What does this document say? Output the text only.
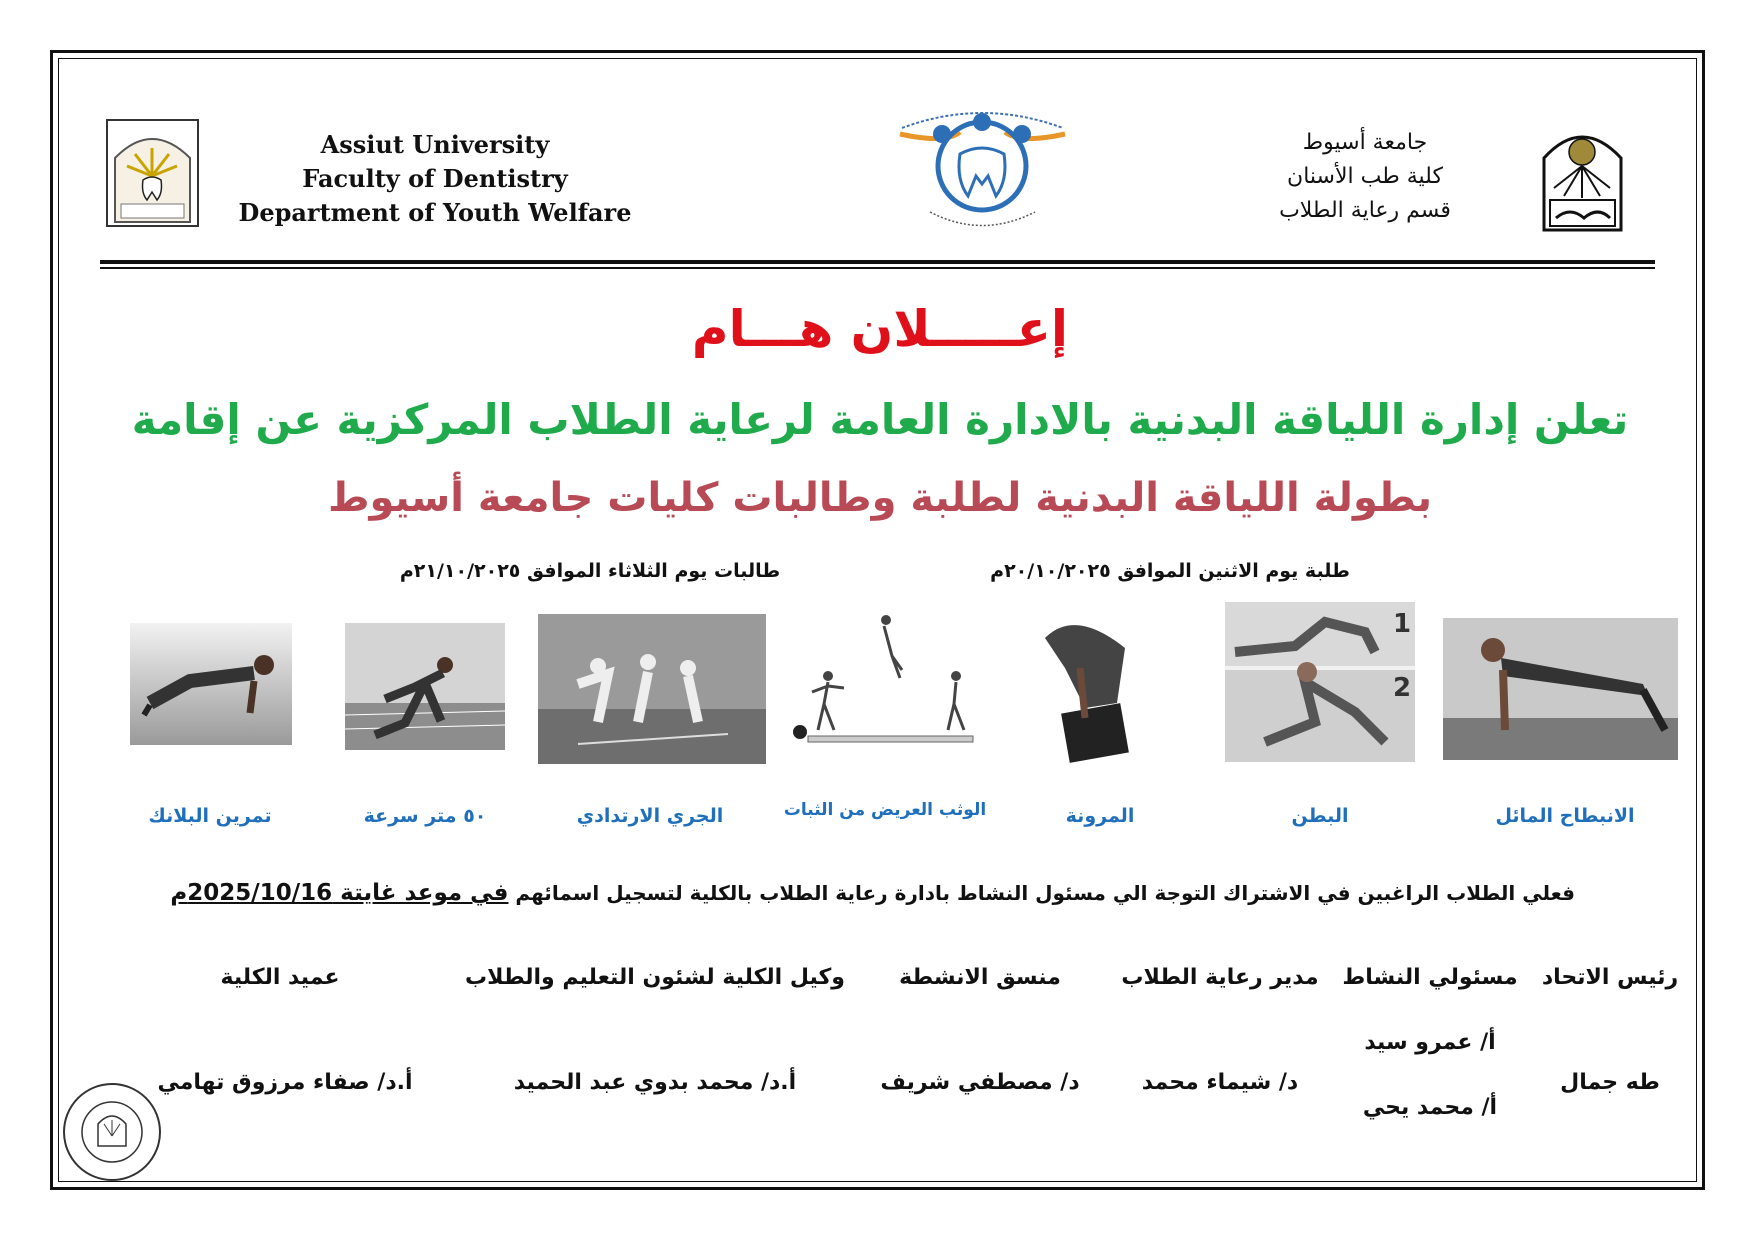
Assiut University
Faculty of Dentistry
Department of Youth Welfare
جامعة أسيوط
كلية طب الأسنان
قسم رعاية الطلاب
إعـــــلان هـــام
تعلن إدارة اللياقة البدنية بالادارة العامة لرعاية الطلاب المركزية عن إقامة
بطولة اللياقة البدنية لطلبة وطالبات كليات جامعة أسيوط
طلبة يوم الاثنين الموافق ٢٠/١٠/٢٠٢٥م
طالبات يوم الثلاثاء الموافق ٢١/١٠/٢٠٢٥م
1
2
الانبطاح المائل
البطن
المرونة
الوثب العريض من الثبات
الجري الارتدادي
٥٠ متر سرعة
تمرين البلانك
فعلي الطلاب الراغبين في الاشتراك التوجة الي مسئول النشاط بادارة رعاية الطلاب بالكلية لتسجيل اسمائهم في موعد غايتة 2025/10/16م
رئيس الاتحاد
طه جمال
مسئولي النشاط
أ/ عمرو سيد
أ/ محمد يحي
مدير رعاية الطلاب
د/ شيماء محمد
منسق الانشطة
د/ مصطفي شريف
وكيل الكلية لشئون التعليم والطلاب
أ.د/ محمد بدوي عبد الحميد
عميد الكلية
أ.د/ صفاء مرزوق تهامي
